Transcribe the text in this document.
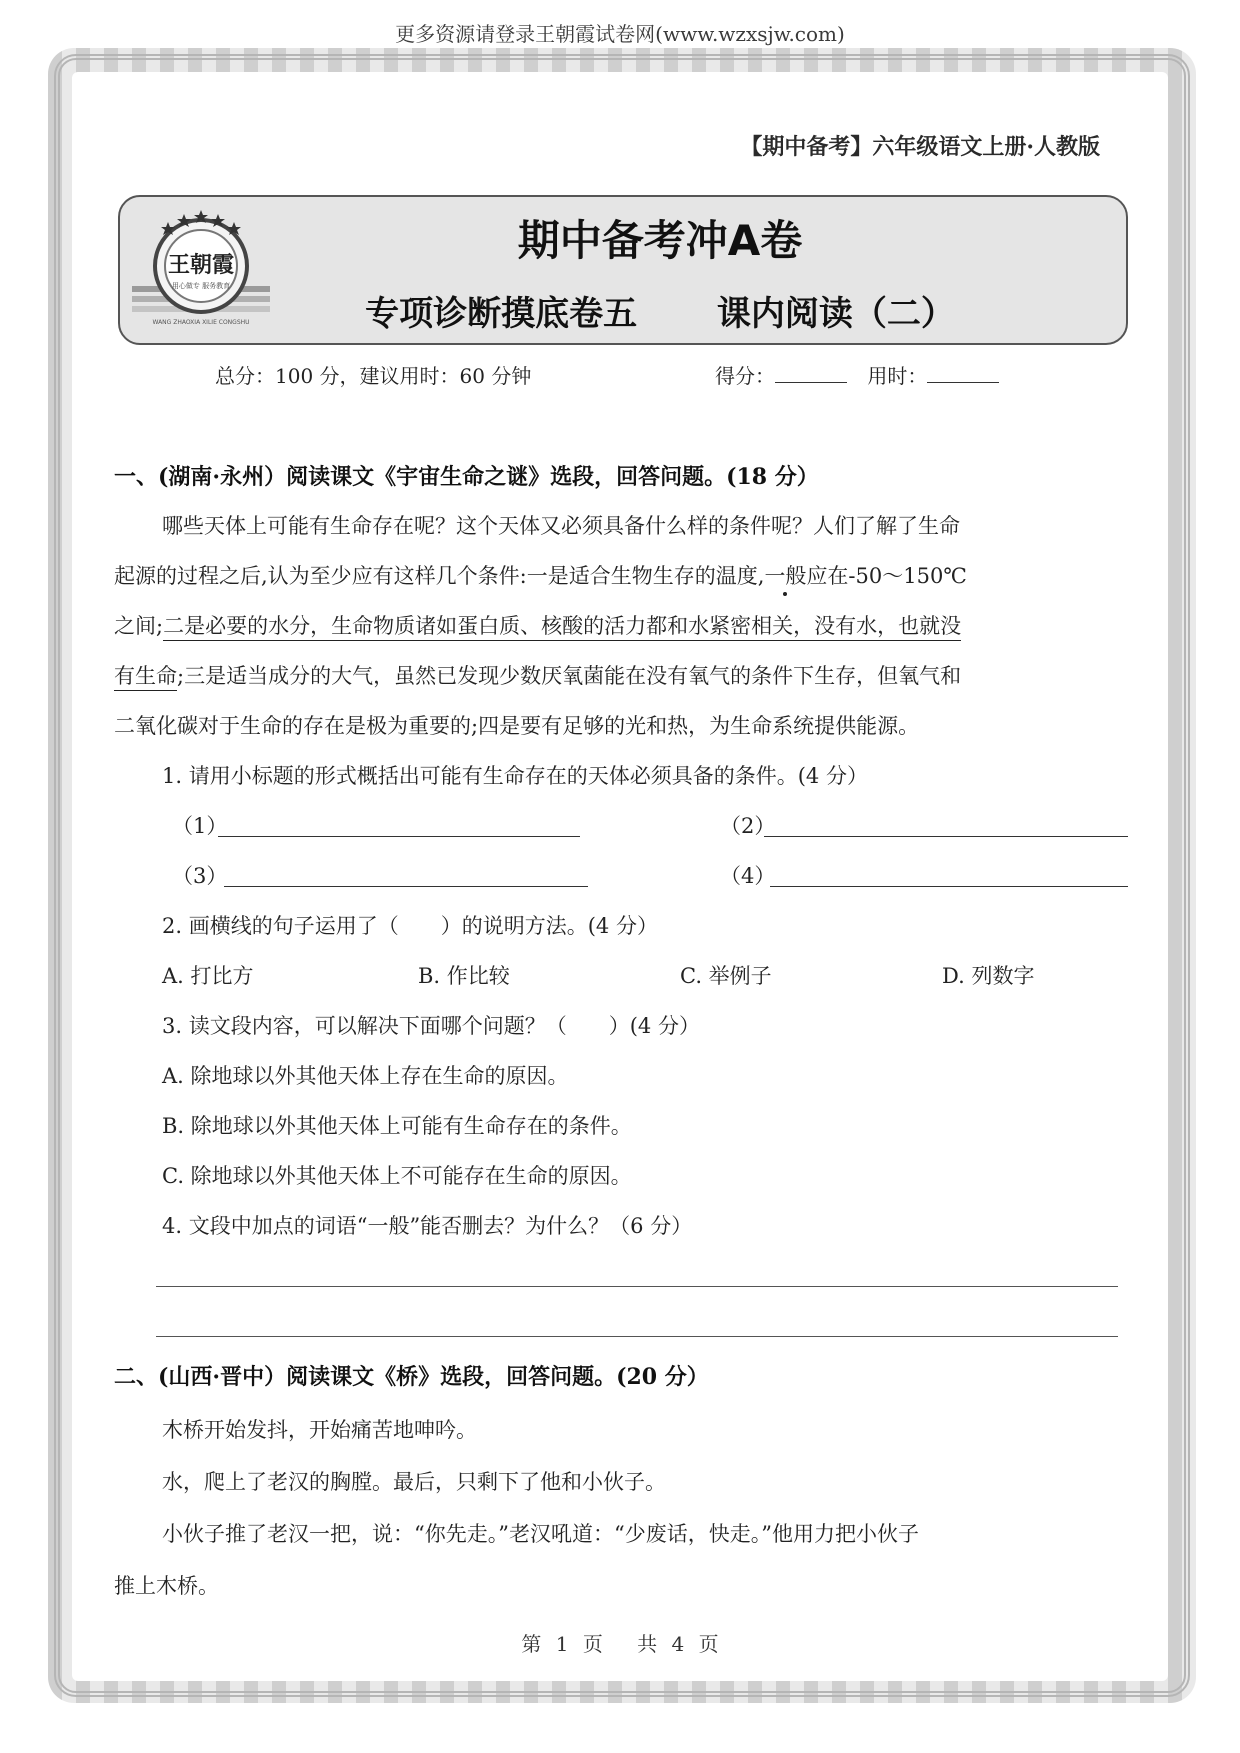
更多资源请登录王朝霞试卷网(www.wzxsjw.com)
【期中备考】六年级语文上册·人教版
王朝霞
用心做专 服务教育
WANG ZHAOXIA XILIE CONGSHU
期中备考冲A卷
专项诊断摸底卷五 课内阅读（二）
总分：100 分，建议用时：60 分钟	得分：	用时：
一、(湖南·永州）阅读课文《宇宙生命之谜》选段，回答问题。(18 分）
哪些天体上可能有生命存在呢？这个天体又必须具备什么样的条件呢？人们了解了生命
起源的过程之后,认为至少应有这样几个条件:一是适合生物生存的温度,一般应在-50～150℃
之间;二是必要的水分，生命物质诸如蛋白质、核酸的活力都和水紧密相关，没有水，也就没
有生命;三是适当成分的大气，虽然已发现少数厌氧菌能在没有氧气的条件下生存，但氧气和
二氧化碳对于生命的存在是极为重要的;四是要有足够的光和热，为生命系统提供能源。
1. 请用小标题的形式概括出可能有生命存在的天体必须具备的条件。(4 分）
（1）	（2）
（3）	（4）
2. 画横线的句子运用了（　　）的说明方法。(4 分）
A. 打比方	B. 作比较	C. 举例子	D. 列数字
3. 读文段内容，可以解决下面哪个问题？（　　）(4 分）
A. 除地球以外其他天体上存在生命的原因。
B. 除地球以外其他天体上可能有生命存在的条件。
C. 除地球以外其他天体上不可能存在生命的原因。
4. 文段中加点的词语“一般”能否删去？为什么？（6 分）
二、(山西·晋中）阅读课文《桥》选段，回答问题。(20 分）
木桥开始发抖，开始痛苦地呻吟。
水，爬上了老汉的胸膛。最后，只剩下了他和小伙子。
小伙子推了老汉一把，说：“你先走。”老汉吼道：“少废话，快走。”他用力把小伙子
推上木桥。
第 1 页　 共 4 页
